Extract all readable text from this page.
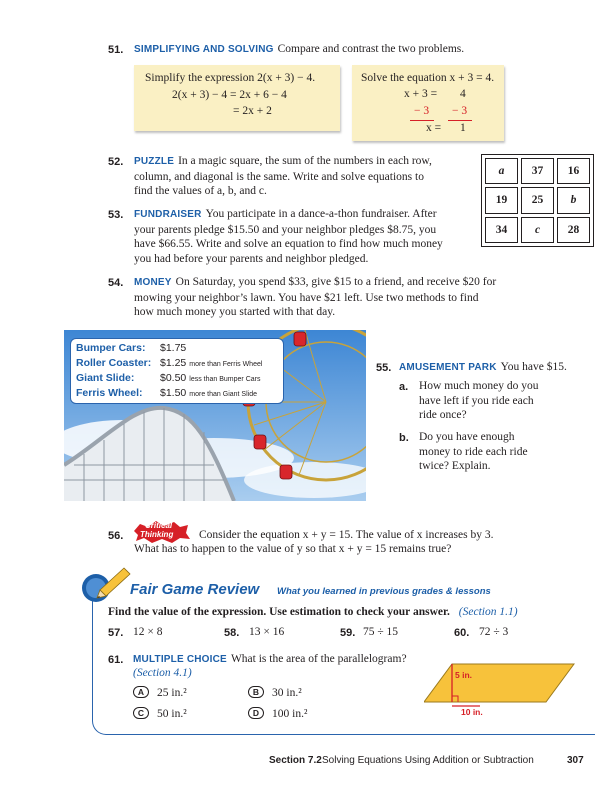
51. SIMPLIFYING AND SOLVING Compare and contrast the two problems.
Simplify the expression 2(x + 3) − 4.
2(x + 3) − 4 = 2x + 6 − 4
= 2x + 2
Solve the equation x + 3 = 4.
x + 3 = 4
− 3 − 3
x = 1
52. PUZZLE In a magic square, the sum of the numbers in each row,
column, and diagonal is the same. Write and solve equations to
find the values of a, b, and c.
a	37	16
19	25	b
34	c	28
53. FUNDRAISER You participate in a dance-a-thon fundraiser. After
your parents pledge $15.50 and your neighbor pledges $8.75, you
have $66.55. Write and solve an equation to find how much money
you had before your parents and neighbor pledged.
54. MONEY On Saturday, you spend $33, give $15 to a friend, and receive $20 for
mowing your neighbor’s lawn. You have $21 left. Use two methods to find
how much money you started with that day.
Bumper Cars: $1.75
Roller Coaster: $1.25 more than Ferris Wheel
Giant Slide: $0.50 less than Bumper Cars
Ferris Wheel: $1.50 more than Giant Slide
55. AMUSEMENT PARK You have $15.
a. How much money do you
have left if you ride each
ride once?
b. Do you have enough
money to ride each ride
twice? Explain.
56.
Critical
Thinking Consider the equation x + y = 15. The value of x increases by 3.
What has to happen to the value of y so that x + y = 15 remains true?
Fair Game Review What you learned in previous grades & lessons
Find the value of the expression. Use estimation to check your answer. (Section 1.1)
57. 12 × 8	58. 13 × 16	59. 75 ÷ 15	60. 72 ÷ 3
61. MULTIPLE CHOICE What is the area of the parallelogram?
(Section 4.1)
A 25 in.²	B 30 in.²
C 50 in.²	D 100 in.²
5 in.
10 in.
Section 7.2 Solving Equations Using Addition or Subtraction	307
